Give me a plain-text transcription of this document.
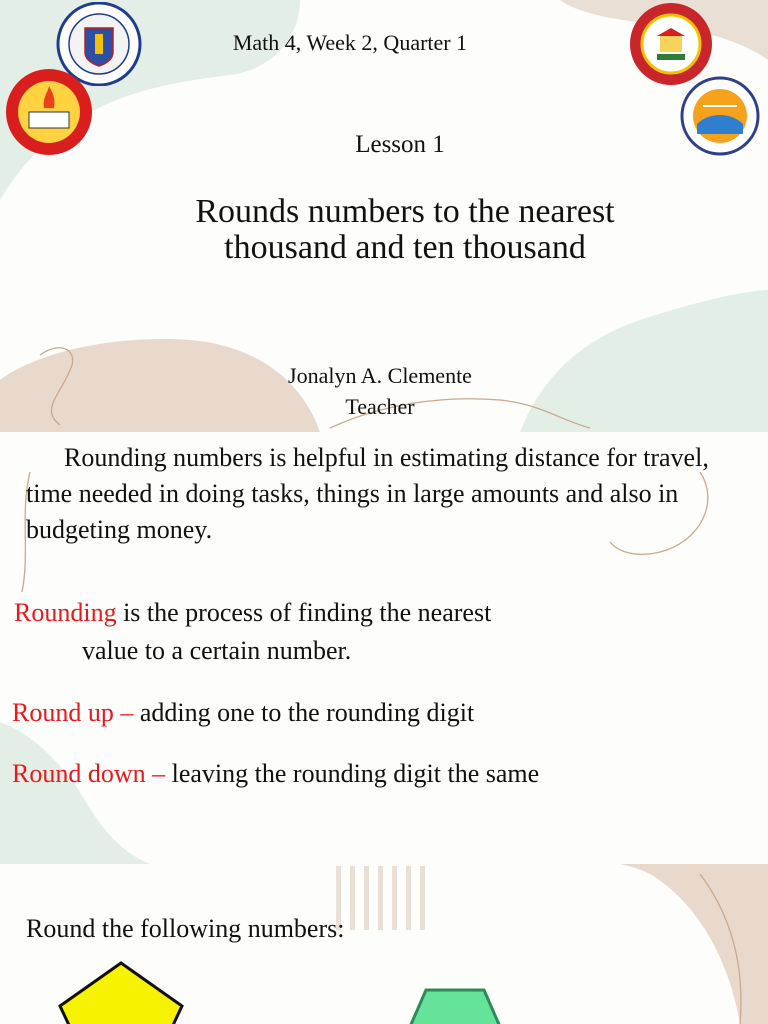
Math 4, Week 2, Quarter 1
Lesson 1
Rounds numbers to the nearest
thousand and ten thousand
Jonalyn A. Clemente
Teacher

Rounding numbers is helpful in estimating distance for travel, time needed in doing tasks, things in large amounts and also in budgeting money.

Rounding is the process of finding the nearest
value to a certain number.
Round up – adding one to the rounding digit
Round down – leaving the rounding digit the same
Round the following numbers:
